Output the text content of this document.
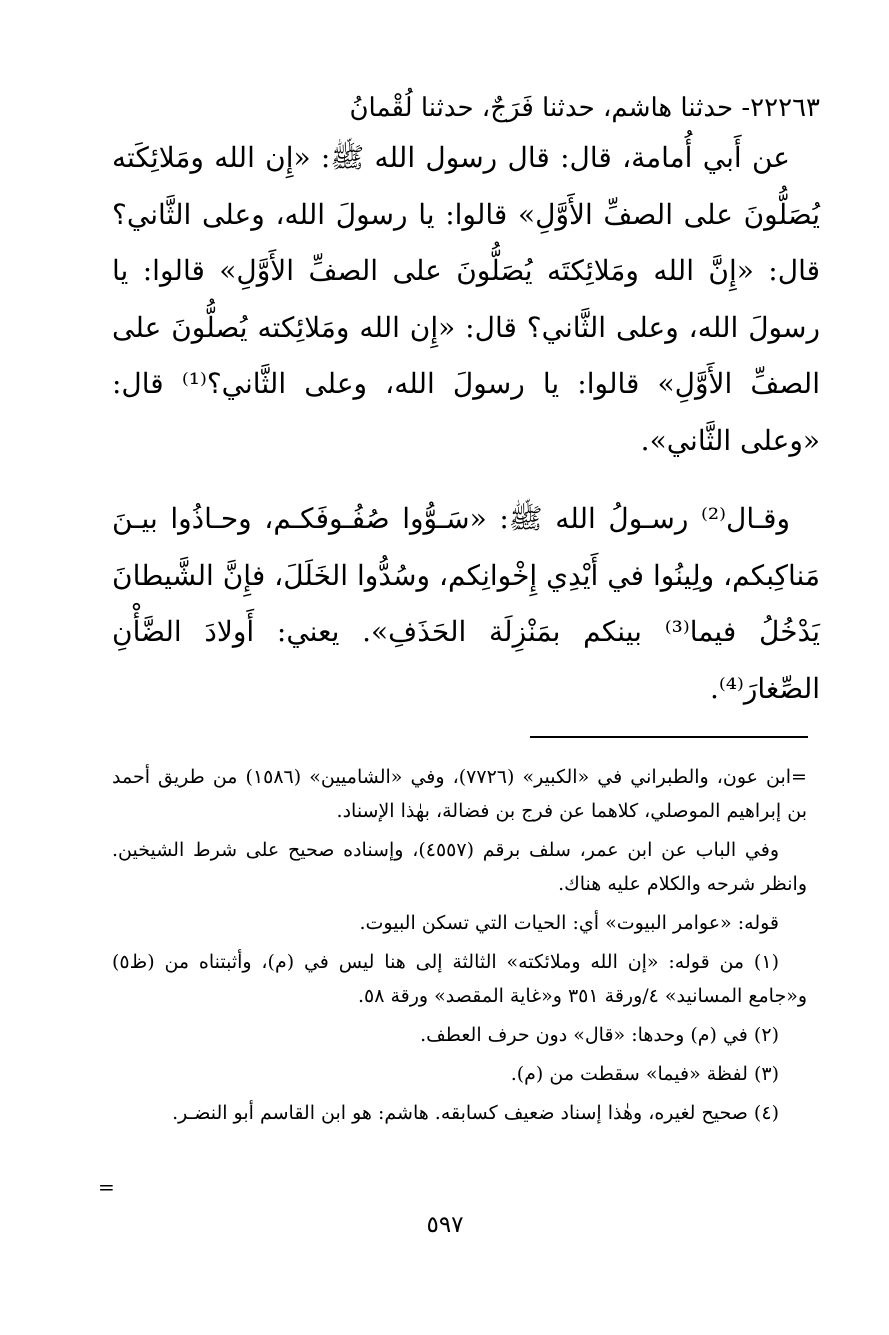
٢٢٢٦٣- حدثنا هاشم، حدثنا فَرَجٌ، حدثنا لُقْمانُ

عن أَبي أُمامة، قال: قال رسول الله ﷺ: «إِن الله ومَلائِكَته يُصَلُّونَ على الصفِّ الأَوَّلِ» قالوا: يا رسولَ الله، وعلى الثَّاني؟ قال: «إِنَّ الله ومَلائِكتَه يُصَلُّونَ على الصفِّ الأَوَّلِ» قالوا: يا رسولَ الله، وعلى الثَّاني؟ قال: «إِن الله ومَلائِكته يُصلُّونَ على الصفِّ الأَوَّلِ» قالوا: يا رسولَ الله، وعلى الثَّاني؟⁽¹⁾ قال: «وعلى الثَّاني».

وقـال⁽²⁾ رسـولُ الله ﷺ: «سَـوُّوا صُفُـوفَكـم، وحـاذُوا بيـنَ مَناكِبكم، ولِينُوا في أَيْدِي إِخْوانِكم، وسُدُّوا الخَلَلَ، فإِنَّ الشَّيطانَ يَدْخُلُ فيما⁽³⁾ بينكم بمَنْزِلَة الحَذَفِ». يعني: أَولادَ الضَّأْنِ الصِّغارَ⁽⁴⁾.

=ابن عون، والطبراني في «الكبير» (٧٧٢٦)، وفي «الشاميين» (١٥٨٦) من طريق أحمد بن إبراهيم الموصلي، كلاهما عن فرج بن فضالة، بهٰذا الإسناد.

وفي الباب عن ابن عمر، سلف برقم (٤٥٥٧)، وإسناده صحيح على شرط الشيخين. وانظر شرحه والكلام عليه هناك.

قوله: «عوامر البيوت» أي: الحيات التي تسكن البيوت.

(١) من قوله: «إن الله وملائكته» الثالثة إلى هنا ليس في (م)، وأثبتناه من (ظ٥) و«جامع المسانيد» ٤/ورقة ٣٥١ و«غاية المقصد» ورقة ٥٨.

(٢) في (م) وحدها: «قال» دون حرف العطف.

(٣) لفظة «فيما» سقطت من (م).

(٤) صحيح لغيره، وهٰذا إسناد ضعيف كسابقه. هاشم: هو ابن القاسم أبو النضـر.

=
٥٩٧
